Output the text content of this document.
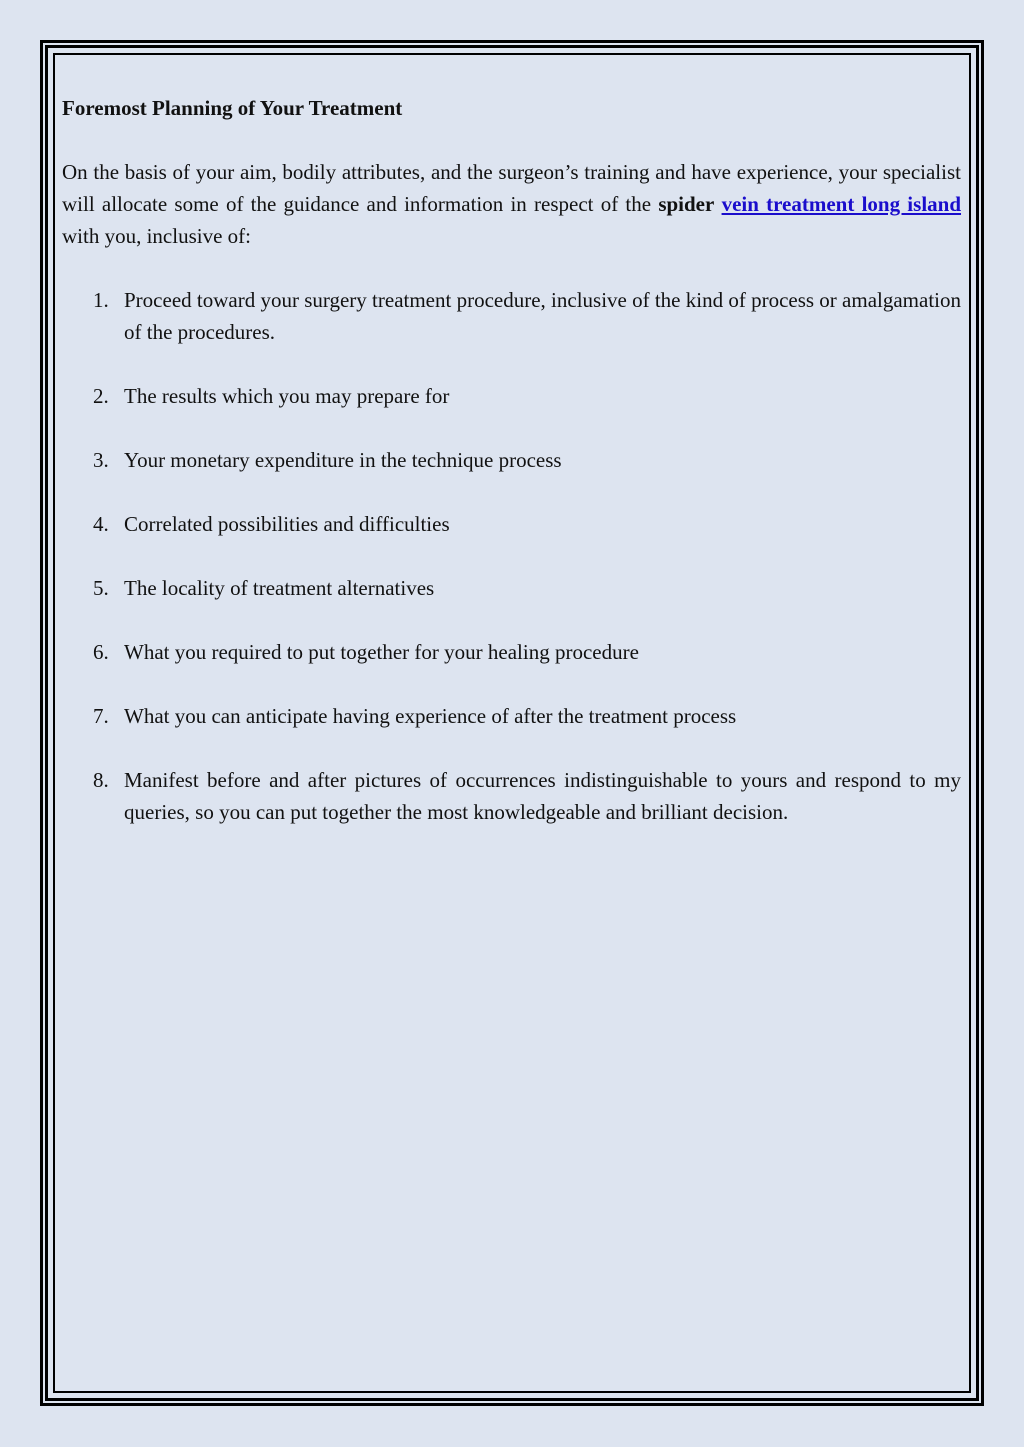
Foremost Planning of Your Treatment

On the basis of your aim, bodily attributes, and the surgeon’s training and have experience, your specialist will allocate some of the guidance and information in respect of the spider vein treatment long island with you, inclusive of:

1. Proceed toward your surgery treatment procedure, inclusive of the kind of process or amalgamation of the procedures.
2. The results which you may prepare for
3. Your monetary expenditure in the technique process
4. Correlated possibilities and difficulties
5. The locality of treatment alternatives
6. What you required to put together for your healing procedure
7. What you can anticipate having experience of after the treatment process
8. Manifest before and after pictures of occurrences indistinguishable to yours and respond to my queries, so you can put together the most knowledgeable and brilliant decision.
